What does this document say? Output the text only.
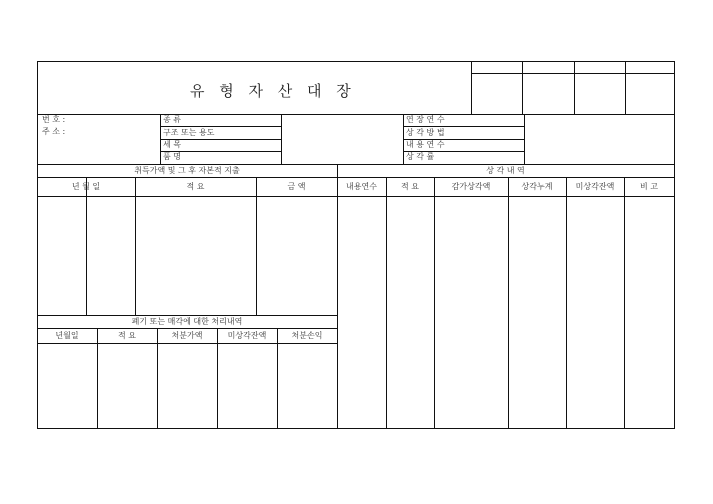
유 형 자 산 대 장
번 호 :
주 소 :
종 류
구조 또는 용도
세 목
품 명
연 장 연 수
상 각 방 법
내 용 연 수
상 각 률
취득가액 및 그 후 자본적 지출	상 각 내 역
년 월 일	적 요	금 액	내용연수	적 요	감가상각액	상각누계	미상각잔액	비 고
폐기 또는 매각에 대한 처리내역
년월일	적 요	처분가액	미상각잔액	처분손익
